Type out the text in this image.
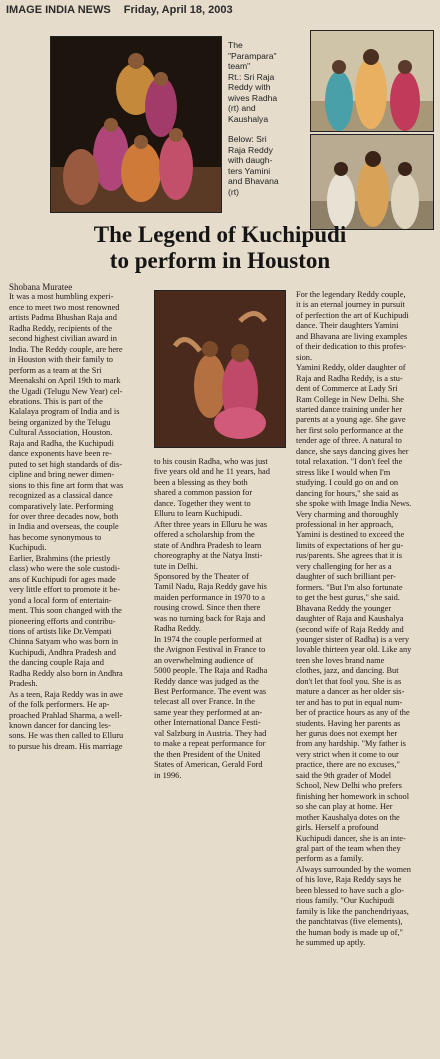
IMAGE INDIA NEWS Friday, April 18, 2003

The

"Parampara"

team"

Rt.: Sri Raja

Reddy with

wives Radha

(rt) and

Kaushalya

Below: Sri

Raja Reddy

with daugh-

ters Yamini

and Bhavana

(rt)

The Legend of Kuchipudi
to perform in Houston

Shobana Muratee

It was a most humbling experi-

ence to meet two most renowned

artists Padma Bhushan Raja and

Radha Reddy, recipients of the

second highest civilian award in

India. The Reddy couple, are here

in Houston with their family to

perform as a team at the Sri

Meenakshi on April 19th to mark

the Ugadi (Telugu New Year) cel-

ebrations. This is part of the

Kalalaya program of India and is

being organized by the Telugu

Cultural Association, Houston.

Raja and Radha, the Kuchipudi

dance exponents have been re-

puted to set high standards of dis-

cipline and bring newer dimen-

sions to this fine art form that was

recognized as a classical dance

comparatively late. Performing

for over three decades now, both

in India and overseas, the couple

has become synonymous to

Kuchipudi.

Earlier, Brahmins (the priestly

class) who were the sole custodi-

ans of Kuchipudi for ages made

very little effort to promote it be-

yond a local form of entertain-

ment. This soon changed with the

pioneering efforts and contribu-

tions of artists like Dr.Vempati

Chinna Satyam who was born in

Kuchipudi, Andhra Pradesh and

the dancing couple Raja and

Radha Reddy also born in Andhra

Pradesh.

As a teen, Raja Reddy was in awe

of the folk performers. He ap-

proached Prahlad Sharma, a well-

known dancer for dancing les-

sons. He was then called to Elluru

to pursue his dream. His marriage

to his cousin Radha, who was just

five years old and he 11 years, had

been a blessing as they both

shared a common passion for

dance. Together they went to

Elluru to learn Kuchipudi.

After three years in Elluru he was

offered a scholarship from the

state of Andhra Pradesh to learn

choreography at the Natya Insti-

tute in Delhi.

Sponsored by the Theater of

Tamil Nadu, Raja Reddy gave his

maiden performance in 1970 to a

rousing crowd. Since then there

was no turning back for Raja and

Radha Reddy.

In 1974 the couple performed at

the Avignon Festival in France to

an overwhelming audience of

5000 people. The Raja and Radha

Reddy dance was judged as the

Best Performance. The event was

telecast all over France. In the

same year they performed at an-

other International Dance Festi-

val Salzburg in Austria. They had

to make a repeat performance for

the then President of the United

States of American, Gerald Ford

in 1996.

For the legendary Reddy couple,

it is an eternal journey in pursuit

of perfection the art of Kuchipudi

dance. Their daughters Yamini

and Bhavana are living examples

of their dedication to this profes-

sion.

Yamini Reddy, older daughter of

Raja and Radha Reddy, is a stu-

dent of Commerce at Lady Sri

Ram College in New Delhi. She

started dance training under her

parents at a young age. She gave

her first solo performance at the

tender age of three. A natural to

dance, she says dancing gives her

total relaxation. "I don't feel the

stress like I would when I'm

studying. I could go on and on

dancing for hours," she said as

she spoke with Image India News.

Very charming and thoroughly

professional in her approach,

Yamini is destined to exceed the

limits of expectations of her gu-

rus/parents. She agrees that it is

very challenging for her as a

daughter of such brilliant per-

formers. "But I'm also fortunate

to get the best gurus," she said.

Bhavana Reddy the younger

daughter of Raja and Kaushalya

(second wife of Raja Reddy and

younger sister of Radha) is a very

lovable thirteen year old. Like any

teen she loves brand name

clothes, jazz, and dancing. But

don't let that fool you. She is as

mature a dancer as her older sis-

ter and has to put in equal num-

ber of practice hours as any of the

students. Having her parents as

her gurus does not exempt her

from any hardship. "My father is

very strict when it come to our

practice, there are no excuses,"

said the 9th grader of Model

School, New Delhi who prefers

finishing her homework in school

so she can play at home. Her

mother Kaushalya dotes on the

girls. Herself a profound

Kuchipudi dancer, she is an inte-

gral part of the team when they

perform as a family.

Always surrounded by the women

of his love, Raja Reddy says he

been blessed to have such a glo-

rious family. "Our Kuchipudi

family is like the panchendriyaas,

the panchtatvas (five elements),

the human body is made up of,"

he summed up aptly.
